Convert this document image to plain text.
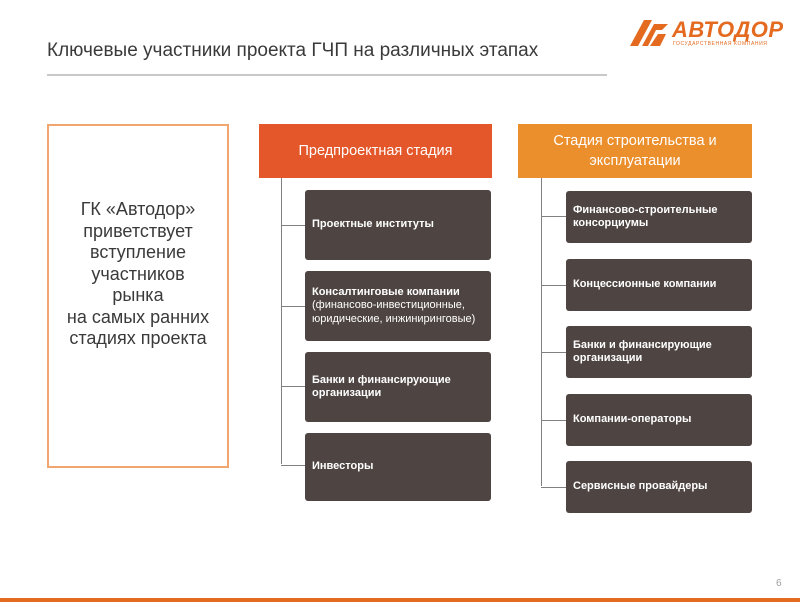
Ключевые участники проекта ГЧП на различных этапах
АВТОДОР
ГОСУДАРСТВЕННАЯ КОМПАНИЯ
ГК «Автодор»
приветствует
вступление
участников
рынка
на самых ранних
стадиях проекта
Предпроектная стадия
Проектные институты
Консалтинговые компании
(финансово-инвестиционные, юридические, инжиниринговые)
Банки и финансирующие организации
Инвесторы
Стадия строительства и эксплуатации
Финансово-строительные консорциумы
Концессионные компании
Банки и финансирующие организации
Компании-операторы
Сервисные провайдеры
6
